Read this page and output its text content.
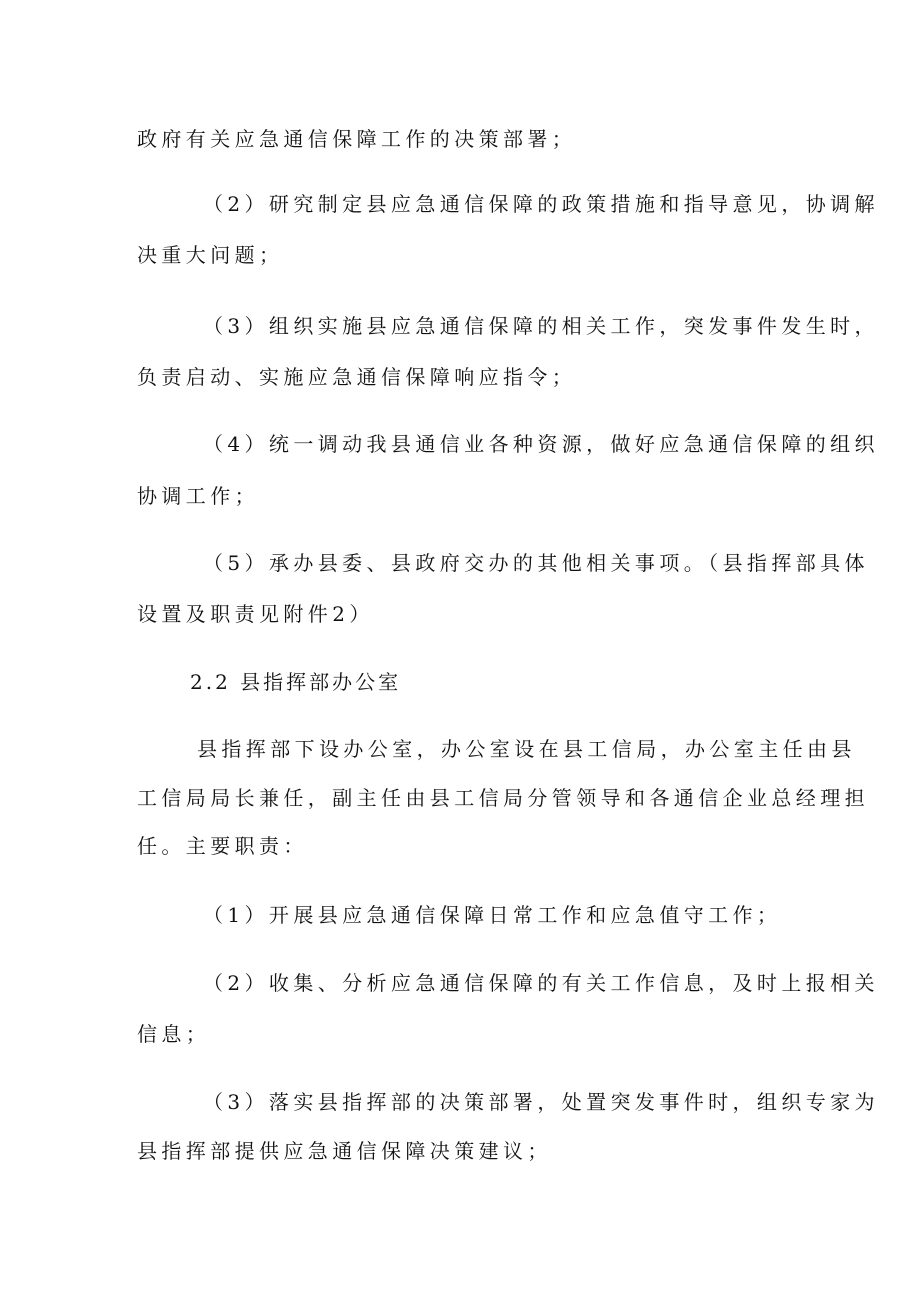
政府有关应急通信保障工作的决策部署；
（2）研究制定县应急通信保障的政策措施和指导意见，协调解
决重大问题；
（3）组织实施县应急通信保障的相关工作，突发事件发生时，
负责启动、实施应急通信保障响应指令；
（4）统一调动我县通信业各种资源，做好应急通信保障的组织
协调工作；
（5）承办县委、县政府交办的其他相关事项。（县指挥部具体
设置及职责见附件2）
2.2 县指挥部办公室
县指挥部下设办公室，办公室设在县工信局，办公室主任由县
工信局局长兼任，副主任由县工信局分管领导和各通信企业总经理担
任。主要职责：
（1）开展县应急通信保障日常工作和应急值守工作；
（2）收集、分析应急通信保障的有关工作信息，及时上报相关
信息；
（3）落实县指挥部的决策部署，处置突发事件时，组织专家为
县指挥部提供应急通信保障决策建议；
